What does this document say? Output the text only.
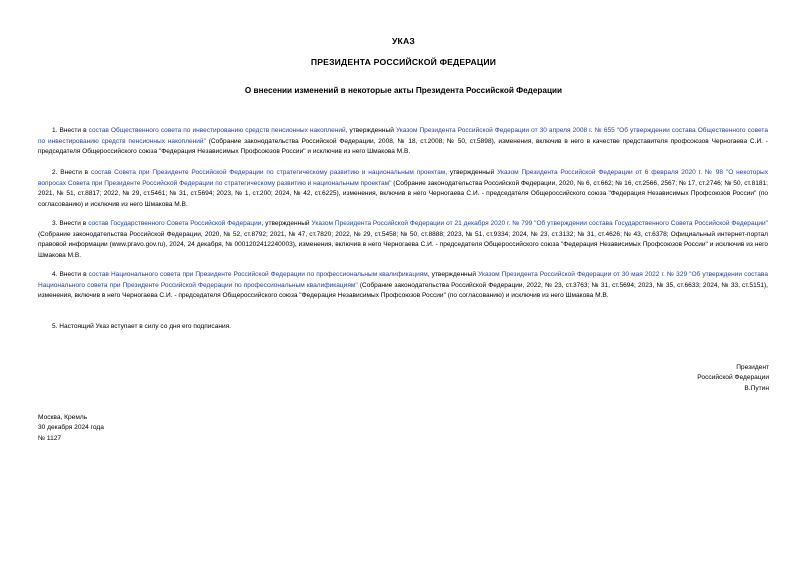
УКАЗ
ПРЕЗИДЕНТА РОССИЙСКОЙ ФЕДЕРАЦИИ
О внесении изменений в некоторые акты Президента Российской Федерации
1. Внести в состав Общественного совета по инвестированию средств пенсионных накоплений, утвержденный Указом Президента Российской Федерации от 30 апреля 2008 г. № 655 "Об утверждении состава Общественного совета по инвестированию средств пенсионных накоплений" (Собрание законодательства Российской Федерации, 2008, № 18, ст.2008; № 50, ст.5898), изменения, включив в него в качестве представителя профсоюзов Черногаева С.И. - председателя Общероссийского союза "Федерация Независимых Профсоюзов России" и исключив из него Шмакова М.В.
2. Внести в состав Совета при Президенте Российской Федерации по стратегическому развитию и национальным проектам, утвержденный Указом Президента Российской Федерации от 6 февраля 2020 г. № 98 "О некоторых вопросах Совета при Президенте Российской Федерации по стратегическому развитию и национальным проектам" (Собрание законодательства Российской Федерации, 2020, № 6, ст.662; № 16, ст.2566, 2567; № 17, ст.2746; № 50, ст.8181; 2021, № 51, ст.8817; 2022, № 29, ст.5461; № 31, ст.5694; 2023, № 1, ст.200; 2024, № 42, ст.6225), изменения, включив в него Черногаева С.И. - председателя Общероссийского союза "Федерация Независимых Профсоюзов России" (по согласованию) и исключив из него Шмакова М.В.
3. Внести в состав Государственного Совета Российской Федерации, утвержденный Указом Президента Российской Федерации от 21 декабря 2020 г. № 799 "Об утверждении состава Государственного Совета Российской Федерации" (Собрание законодательства Российской Федерации, 2020, № 52, ст.8792; 2021, № 47, ст.7820; 2022, № 29, ст.5458; № 50, ст.8888; 2023, № 51, ст.9334; 2024, № 23, ст.3132; № 31, ст.4626; № 43, ст.6378; Официальный интернет-портал правовой информации (www.pravo.gov.ru), 2024, 24 декабря, № 0001202412240003), изменения, включив в него Черногаева С.И. - председателя Общероссийского союза "Федерация Независимых Профсоюзов России" и исключив из него Шмакова М.В.
4. Внести в состав Национального совета при Президенте Российской Федерации по профессиональным квалификациям, утвержденный Указом Президента Российской Федерации от 30 мая 2022 г. № 329 "Об утверждении состава Национального совета при Президенте Российской Федерации по профессиональным квалификациям" (Собрание законодательства Российской Федерации, 2022, № 23, ст.3763; № 31, ст.5694; 2023, № 35, ст.6633; 2024, № 33, ст.5151), изменения, включив в него Черногаева С.И. - председателя Общероссийского союза "Федерация Независимых Профсоюзов России" (по согласованию) и исключив из него Шмакова М.В.
5. Настоящий Указ вступает в силу со дня его подписания.
Президент
Российской Федерации
В.Путин
Москва, Кремль
30 декабря 2024 года
№ 1127
